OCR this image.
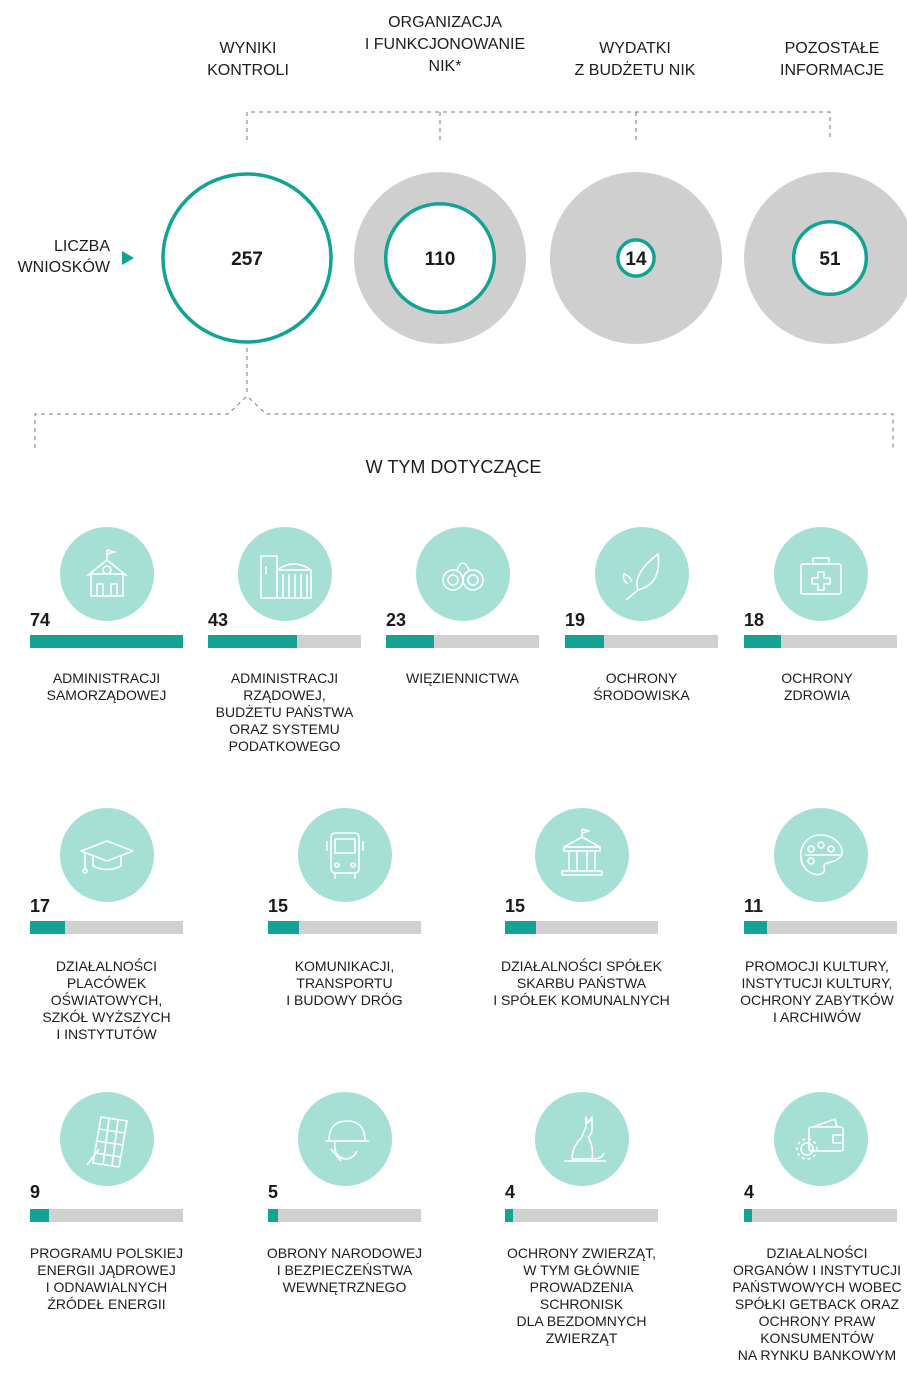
WYNIKI
KONTROLI
ORGANIZACJA
I FUNKCJONOWANIE
NIK*
WYDATKI
Z BUDŻETU NIK
POZOSTAŁE
INFORMACJE
257	110	14	51
LICZBA
WNIOSKÓW
W TYM DOTYCZĄCE
74
ADMINISTRACJI
SAMORZĄDOWEJ
43
ADMINISTRACJI
RZĄDOWEJ,
BUDŻETU PAŃSTWA
ORAZ SYSTEMU
PODATKOWEGO
23
WIĘZIENNICTWA
19
OCHRONY
ŚRODOWISKA
18
OCHRONY
ZDROWIA
17
DZIAŁALNOŚCI PLACÓWEK
OŚWIATOWYCH,
SZKÓŁ WYŻSZYCH
I INSTYTUTÓW
15
KOMUNIKACJI,
TRANSPORTU
I BUDOWY DRÓG
15
DZIAŁALNOŚCI SPÓŁEK
SKARBU PAŃSTWA
I SPÓŁEK KOMUNALNYCH
11
PROMOCJI KULTURY,
INSTYTUCJI KULTURY,
OCHRONY ZABYTKÓW
I ARCHIWÓW
9
PROGRAMU POLSKIEJ
ENERGII JĄDROWEJ
I ODNAWIALNYCH
ŹRÓDEŁ ENERGII
5
OBRONY NARODOWEJ
I BEZPIECZEŃSTWA
WEWNĘTRZNEGO
4
OCHRONY ZWIERZĄT,
W TYM GŁÓWNIE
PROWADZENIA
SCHRONISK
DLA BEZDOMNYCH
ZWIERZĄT
4
DZIAŁALNOŚCI
ORGANÓW I INSTYTUCJI
PAŃSTWOWYCH WOBEC
SPÓŁKI GETBACK ORAZ
OCHRONY PRAW
KONSUMENTÓW
NA RYNKU BANKOWYM
